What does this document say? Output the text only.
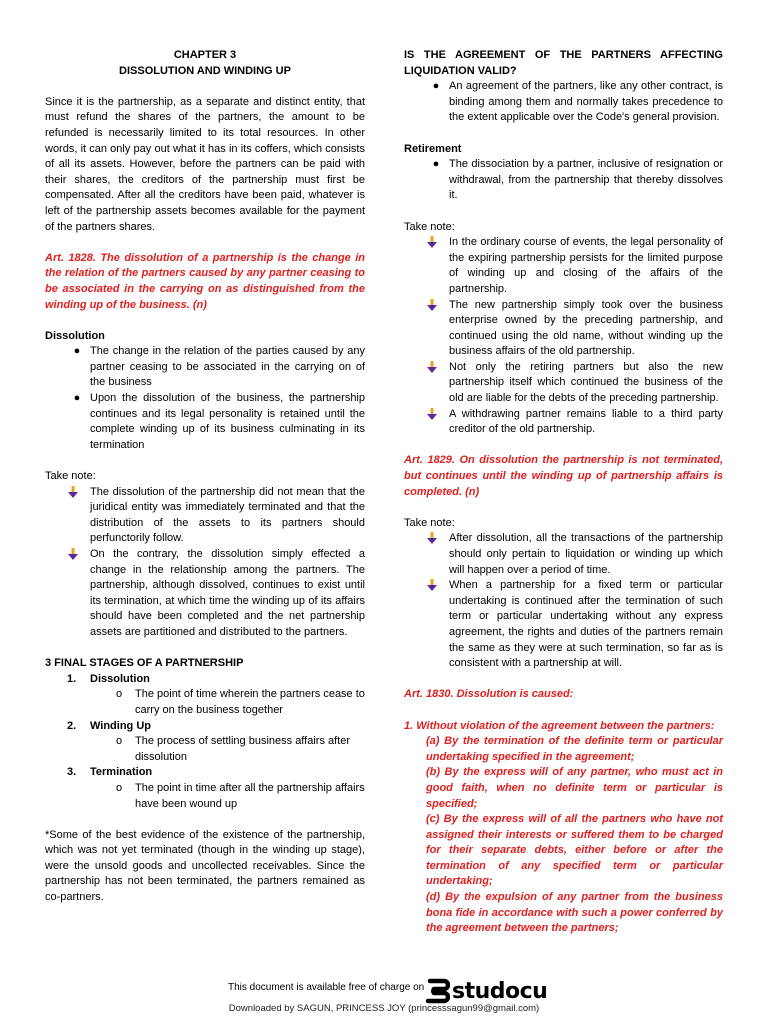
CHAPTER 3

DISSOLUTION AND WINDING UP

Since it is the partnership, as a separate and distinct entity, that must refund the shares of the partners, the amount to be refunded is necessarily limited to its total resources. In other words, it can only pay out what it has in its coffers, which consists of all its assets. However, before the partners can be paid with their shares, the creditors of the partnership must first be compensated. After all the creditors have been paid, whatever is left of the partnership assets becomes available for the payment of the partners shares.

Art. 1828. The dissolution of a partnership is the change in the relation of the partners caused by any partner ceasing to be associated in the carrying on as distinguished from the winding up of the business. (n)

Dissolution

● The change in the relation of the parties caused by any partner ceasing to be associated in the carrying on of the business
● Upon the dissolution of the business, the partnership continues and its legal personality is retained until the complete winding up of its business culminating in its termination

Take note:

The dissolution of the partnership did not mean that the juridical entity was immediately terminated and that the distribution of the assets to its partners should perfunctorily follow.
On the contrary, the dissolution simply effected a change in the relationship among the partners. The partnership, although dissolved, continues to exist until its termination, at which time the winding up of its affairs should have been completed and the net partnership assets are partitioned and distributed to the partners.

3 FINAL STAGES OF A PARTNERSHIP

1. Dissolution
o The point of time wherein the partners cease to carry on the business together
2. Winding Up
o The process of settling business affairs after dissolution
3. Termination
o The point in time after all the partnership affairs have been wound up

*Some of the best evidence of the existence of the partnership, which was not yet terminated (though in the winding up stage), were the unsold goods and uncollected receivables. Since the partnership has not been terminated, the partners remained as co-partners.

IS THE AGREEMENT OF THE PARTNERS AFFECTING LIQUIDATION VALID?

● An agreement of the partners, like any other contract, is binding among them and normally takes precedence to the extent applicable over the Code's general provision.

Retirement

● The dissociation by a partner, inclusive of resignation or withdrawal, from the partnership that thereby dissolves it.

Take note:

In the ordinary course of events, the legal personality of the expiring partnership persists for the limited purpose of winding up and closing of the affairs of the partnership.
The new partnership simply took over the business enterprise owned by the preceding partnership, and continued using the old name, without winding up the business affairs of the old partnership.
Not only the retiring partners but also the new partnership itself which continued the business of the old are liable for the debts of the preceding partnership.
A withdrawing partner remains liable to a third party creditor of the old partnership.

Art. 1829. On dissolution the partnership is not terminated, but continues until the winding up of partnership affairs is completed. (n)

Take note:

After dissolution, all the transactions of the partnership should only pertain to liquidation or winding up which will happen over a period of time.
When a partnership for a fixed term or particular undertaking is continued after the termination of such term or particular undertaking without any express agreement, the rights and duties of the partners remain the same as they were at such termination, so far as is consistent with a partnership at will.

Art. 1830. Dissolution is caused:

1. Without violation of the agreement between the partners:

(a) By the termination of the definite term or particular undertaking specified in the agreement;

(b) By the express will of any partner, who must act in good faith, when no definite term or particular is specified;

(c) By the express will of all the partners who have not assigned their interests or suffered them to be charged for their separate debts, either before or after the termination of any specified term or particular undertaking;

(d) By the expulsion of any partner from the business bona fide in accordance with such a power conferred by the agreement between the partners;

This document is available free of charge on studocu
Downloaded by SAGUN, PRINCESS JOY (princesssagun99@gmail.com)
